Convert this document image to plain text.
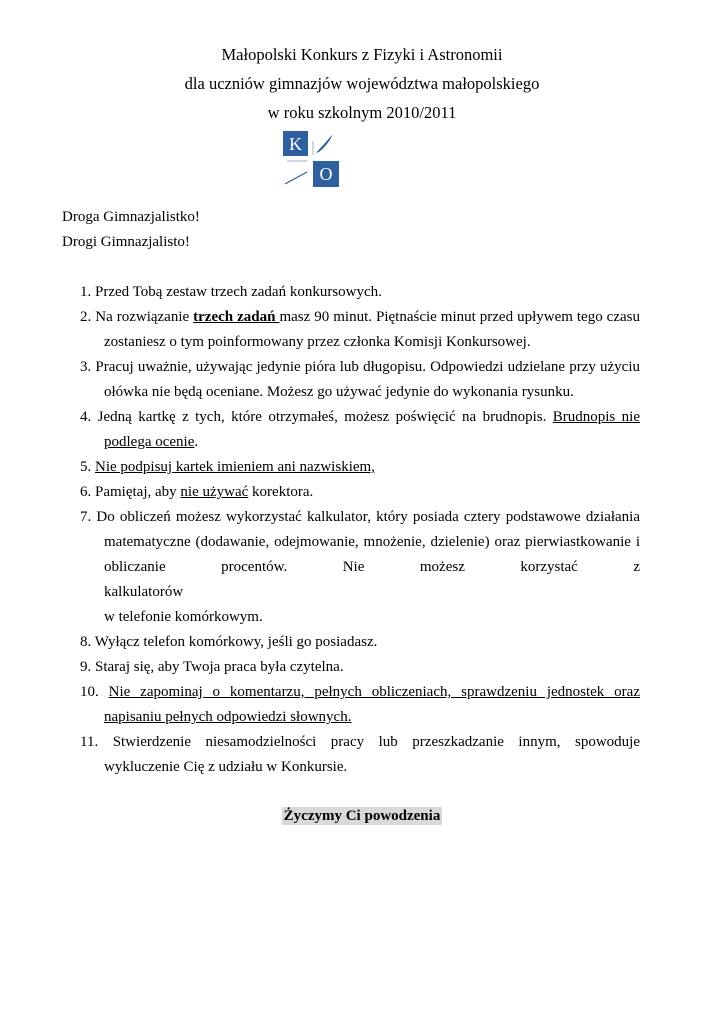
Małopolski Konkurs z Fizyki i Astronomii

dla uczniów gimnazjów województwa małopolskiego

w roku szkolnym 2010/2011

K
O

Droga Gimnazjalistko!

Drogi Gimnazjalisto!

1. Przed Tobą zestaw trzech zadań konkursowych.

2. Na rozwiązanie trzech zadań masz 90 minut. Piętnaście minut przed upływem tego czasu

zostaniesz o tym poinformowany przez członka Komisji Konkursowej.

3. Pracuj uważnie, używając jedynie pióra lub długopisu. Odpowiedzi udzielane przy użyciu

ołówka nie będą oceniane. Możesz go używać jedynie do wykonania rysunku.

4. Jedną kartkę z tych, które otrzymałeś, możesz poświęcić na brudnopis. Brudnopis nie

podlega ocenie.

5. Nie podpisuj kartek imieniem ani nazwiskiem,

6. Pamiętaj, aby nie używać korektora.

7. Do obliczeń możesz wykorzystać kalkulator, który posiada cztery podstawowe działania

matematyczne (dodawanie, odejmowanie, mnożenie, dzielenie) oraz pierwiastkowanie i

obliczanie procentów. Nie możesz korzystać z kalkulatorów

w telefonie komórkowym.

8. Wyłącz telefon komórkowy, jeśli go posiadasz.

9. Staraj się, aby Twoja praca była czytelna.

10. Nie zapominaj o komentarzu, pełnych obliczeniach, sprawdzeniu jednostek oraz

napisaniu pełnych odpowiedzi słownych.

11. Stwierdzenie niesamodzielności pracy lub przeszkadzanie innym, spowoduje

wykluczenie Cię z udziału w Konkursie.

Życzymy Ci powodzenia
